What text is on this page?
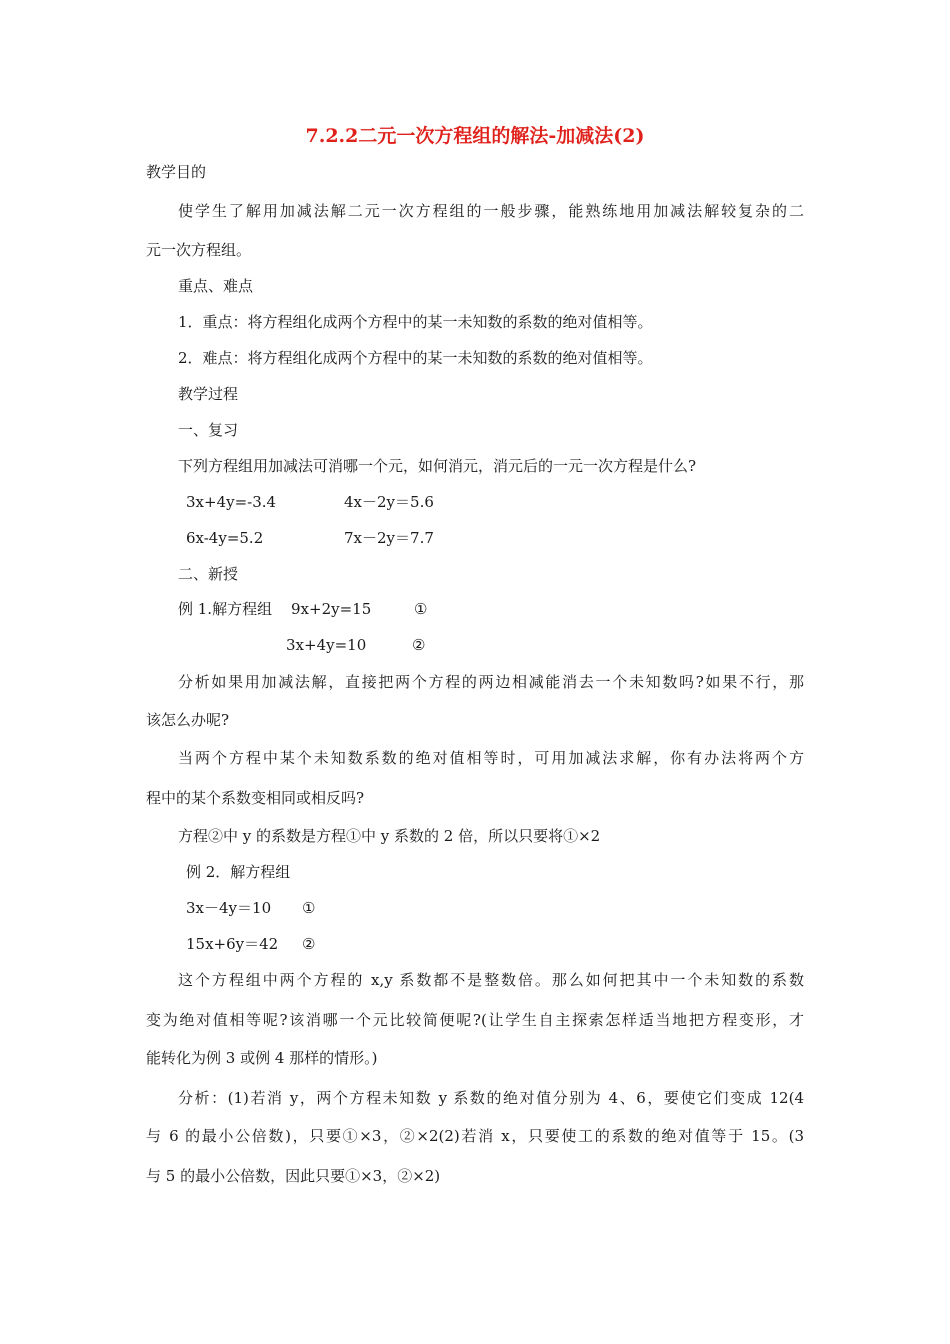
7.2.2二元一次方程组的解法-加减法(2)
教学目的
使学生了解用加减法解二元一次方程组的一般步骤，能熟练地用加减法解较复杂的二
元一次方程组。
重点、难点
1．重点：将方程组化成两个方程中的某一未知数的系数的绝对值相等。
2．难点：将方程组化成两个方程中的某一未知数的系数的绝对值相等。
教学过程
一、复习
下列方程组用加减法可消哪一个元，如何消元，消元后的一元一次方程是什么?
3x+4y=-3.4	4x－2y＝5.6
6x-4y=5.2	7x－2y＝7.7
二、新授
例 1.解方程组 9x+2y=15	①
3x+4y=10	②
分析如果用加减法解，直接把两个方程的两边相减能消去一个未知数吗?如果不行，那
该怎么办呢?
当两个方程中某个未知数系数的绝对值相等时，可用加减法求解，你有办法将两个方
程中的某个系数变相同或相反吗?
方程②中 y 的系数是方程①中 y 系数的 2 倍，所以只要将①×2
例 2．解方程组
3x－4y＝10 ①
15x+6y＝42 ②
这个方程组中两个方程的 x,y 系数都不是整数倍。那么如何把其中一个未知数的系数
变为绝对值相等呢?该消哪一个元比较简便呢?(让学生自主探索怎样适当地把方程变形，才
能转化为例 3 或例 4 那样的情形。)
分析：(1)若消 y，两个方程未知数 y 系数的绝对值分别为 4、6，要使它们变成 12(4
与 6 的最小公倍数)，只要①×3，②×2(2)若消 x，只要使工的系数的绝对值等于 15。(3
与 5 的最小公倍数，因此只要①×3，②×2)
